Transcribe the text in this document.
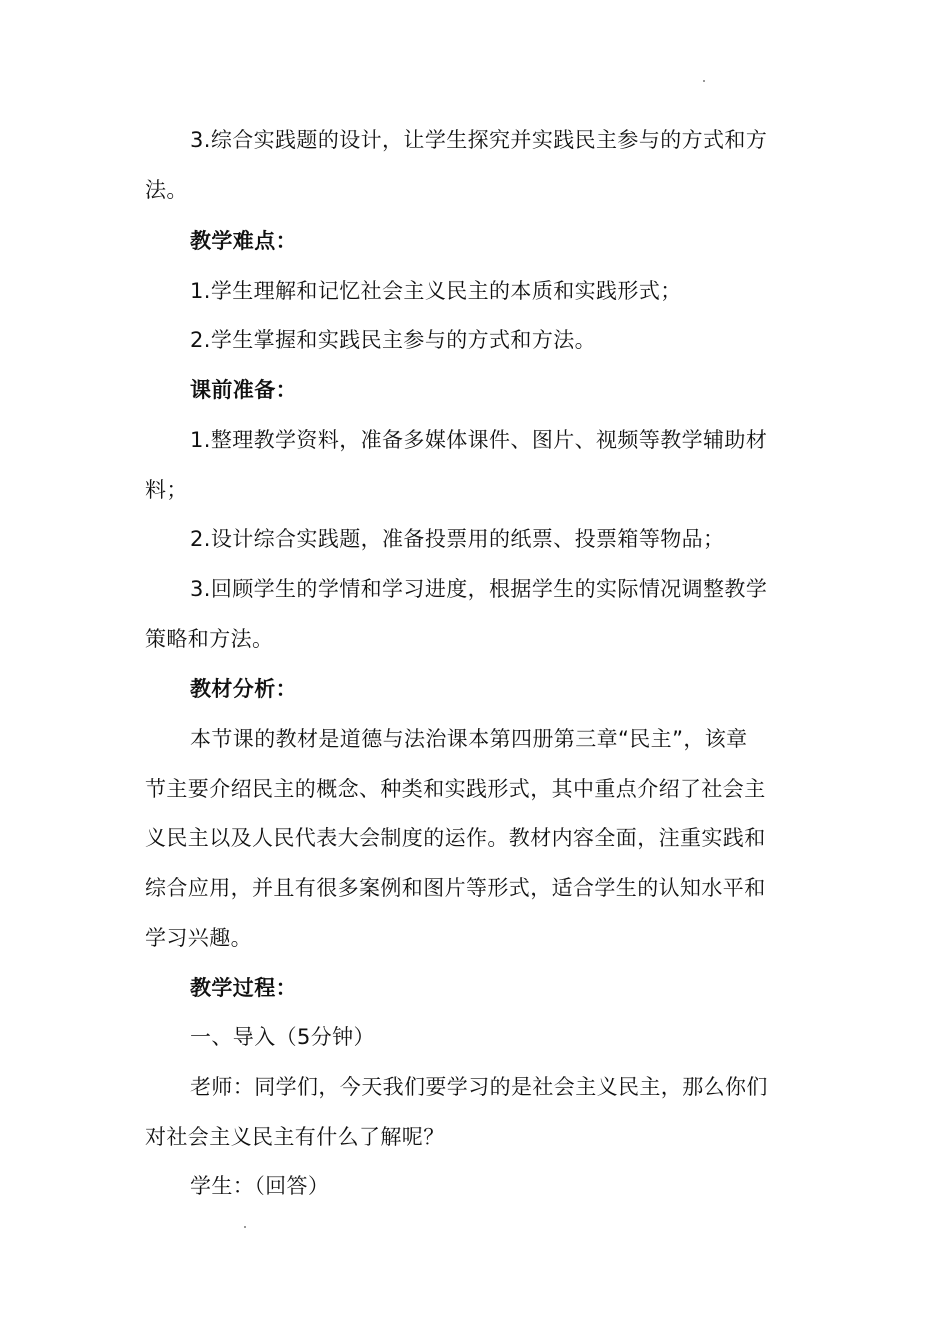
3.综合实践题的设计，让学生探究并实践民主参与的方式和方
法。
教学难点：
1.学生理解和记忆社会主义民主的本质和实践形式；
2.学生掌握和实践民主参与的方式和方法。
课前准备：
1.整理教学资料，准备多媒体课件、图片、视频等教学辅助材
料；
2.设计综合实践题，准备投票用的纸票、投票箱等物品；
3.回顾学生的学情和学习进度，根据学生的实际情况调整教学
策略和方法。
教材分析：
本节课的教材是道德与法治课本第四册第三章“民主”，该章
节主要介绍民主的概念、种类和实践形式，其中重点介绍了社会主
义民主以及人民代表大会制度的运作。教材内容全面，注重实践和
综合应用，并且有很多案例和图片等形式，适合学生的认知水平和
学习兴趣。
教学过程：
一、导入（5分钟）
老师：同学们，今天我们要学习的是社会主义民主，那么你们
对社会主义民主有什么了解呢？
学生：（回答）
